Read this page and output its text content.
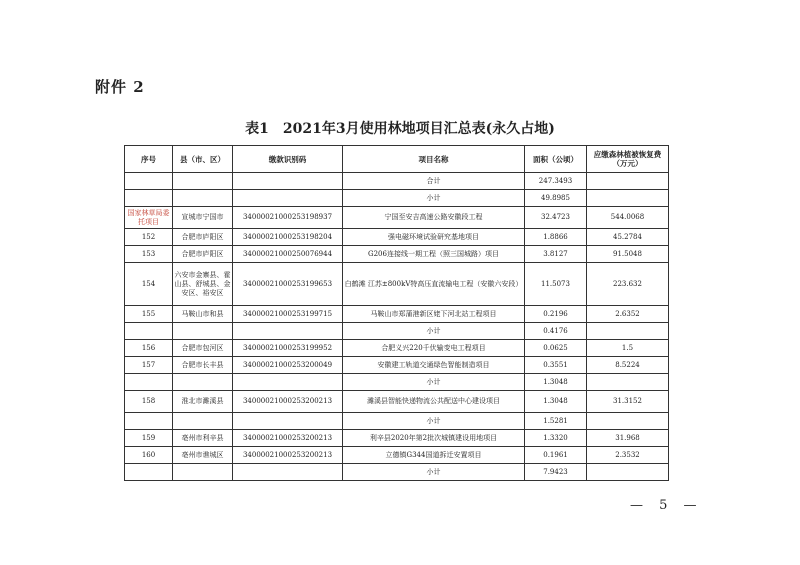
附件 2
表1　2021年3月使用林地项目汇总表(永久占地)
序号	县（市、区）	缴款识别码	项目名称	面积（公顷）	应缴森林植被恢复费
（万元）
			合计	247.3493	
			小计	49.8985	
国家林草局委托项目	宣城市宁国市	340000210002531989​37	宁国至安吉高速公路安徽段工程	32.4723	544.0068
152	合肥市庐阳区	340000210002531982​04	强电磁环境试验研究基地项目	1.8866	45.2784
153	合肥市庐阳区	340000210002500769​44	G206连接线一期工程（照三国城路）项目	3.8127	91.5048
154	六安市金寨县、霍山县、舒城县、金安区、裕安区	340000210002531996​53	白鹤滩 江苏±800kV特高压直流输电工程（安徽六安段）	11.5073	223.632
155	马鞍山市和县	340000210002531997​15	马鞍山市郑蒲港新区姥下河北站工程项目	0.2196	2.6352
			小计	0.4176	
156	合肥市包河区	340000210002531999​52	合肥义兴220千伏输变电工程项目	0.0625	1.5
157	合肥市长丰县	340000210002532000​49	安徽建工轨道交通绿色智能制造项目	0.3551	8.5224
			小计	1.3048	
158	淮北市濉溪县	340000210002532002​13	濉溪县智能快递物流公共配送中心建设项目	1.3048	31.3152
			小计	1.5281	
159	亳州市利辛县	340000210002532002​13	利辛县2020年第2批次城镇建设用地项目	1.3320	31.968
160	亳州市谯城区	340000210002532002​13	立德镇G344国道拆迁安置项目	0.1961	2.3532
			小计	7.9423	
— 5 —
